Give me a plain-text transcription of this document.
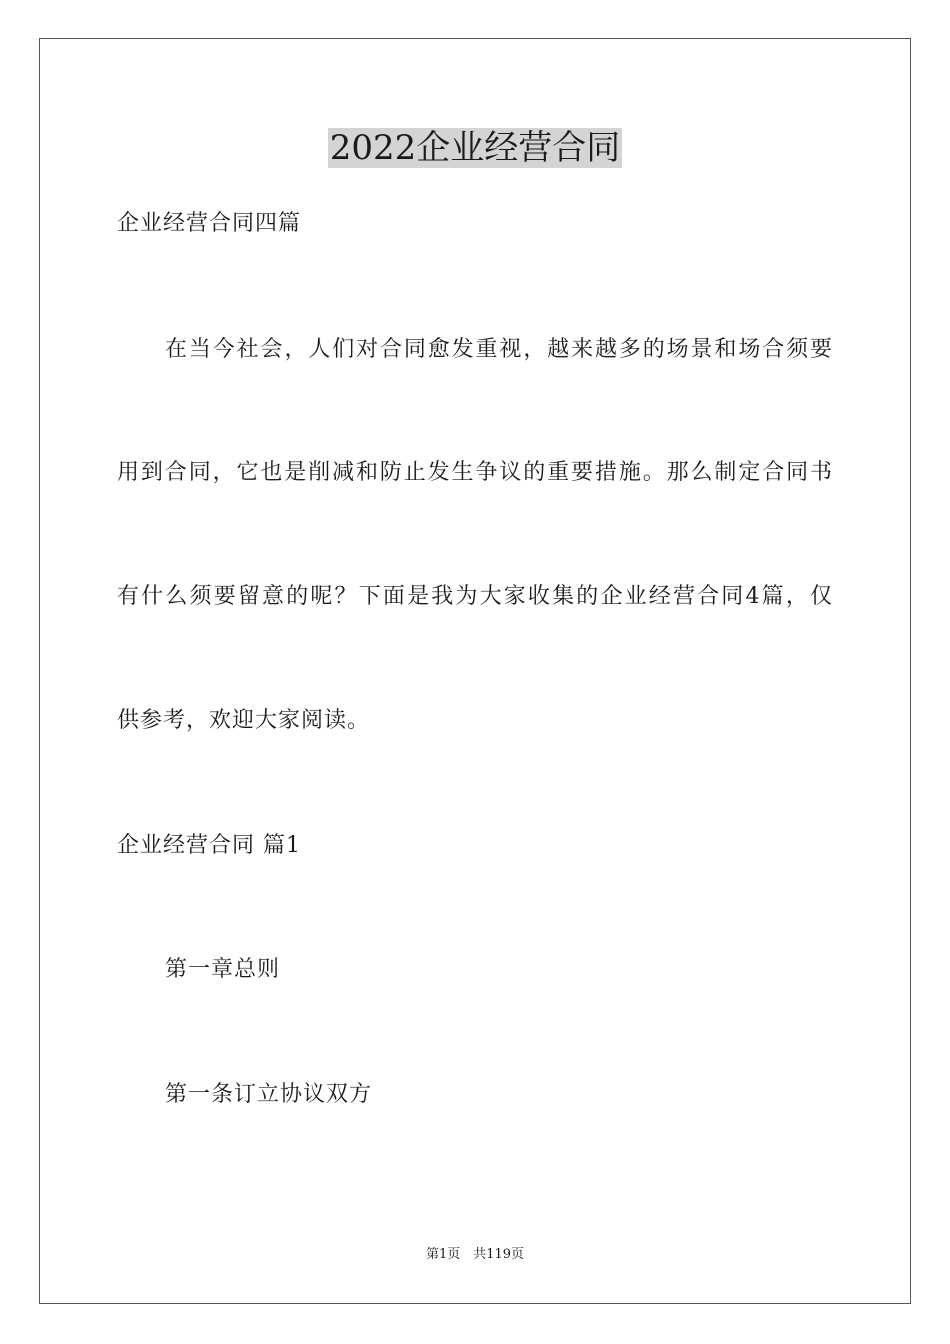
2022企业经营合同
企业经营合同四篇
在当今社会，人们对合同愈发重视，越来越多的场景和场合须要
用到合同，它也是削减和防止发生争议的重要措施。那么制定合同书
有什么须要留意的呢？下面是我为大家收集的企业经营合同4篇，仅
供参考，欢迎大家阅读。
企业经营合同 篇1
第一章总则
第一条订立协议双方
第1页　共119页
